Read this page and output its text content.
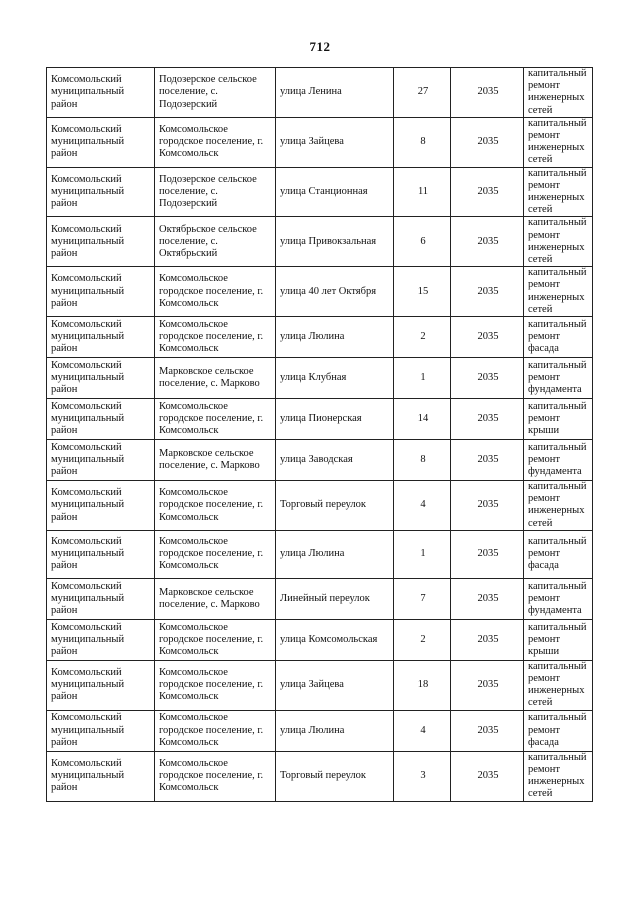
712
Комсомольский муниципальный район	Подозерское сельское поселение, с. Подозерский	улица Ленина	27	2035	капитальный ремонт инженерных сетей
Комсомольский муниципальный район	Комсомольское городское поселение, г. Комсомольск	улица Зайцева	8	2035	капитальный ремонт инженерных сетей
Комсомольский муниципальный район	Подозерское сельское поселение, с. Подозерский	улица Станционная	11	2035	капитальный ремонт инженерных сетей
Комсомольский муниципальный район	Октябрьское сельское поселение, с. Октябрьский	улица Привокзальная	6	2035	капитальный ремонт инженерных сетей
Комсомольский муниципальный район	Комсомольское городское поселение, г. Комсомольск	улица 40 лет Октября	15	2035	капитальный ремонт инженерных сетей
Комсомольский муниципальный район	Комсомольское городское поселение, г. Комсомольск	улица Люлина	2	2035	капитальный ремонт фасада
Комсомольский муниципальный район	Марковское сельское поселение, с. Марково	улица Клубная	1	2035	капитальный ремонт фундамента
Комсомольский муниципальный район	Комсомольское городское поселение, г. Комсомольск	улица Пионерская	14	2035	капитальный ремонт крыши
Комсомольский муниципальный район	Марковское сельское поселение, с. Марково	улица Заводская	8	2035	капитальный ремонт фундамента
Комсомольский муниципальный район	Комсомольское городское поселение, г. Комсомольск	Торговый переулок	4	2035	капитальный ремонт инженерных сетей
Комсомольский муниципальный район	Комсомольское городское поселение, г. Комсомольск	улица Люлина	1	2035	капитальный ремонт фасада
Комсомольский муниципальный район	Марковское сельское поселение, с. Марково	Линейный переулок	7	2035	капитальный ремонт фундамента
Комсомольский муниципальный район	Комсомольское городское поселение, г. Комсомольск	улица Комсомольская	2	2035	капитальный ремонт крыши
Комсомольский муниципальный район	Комсомольское городское поселение, г. Комсомольск	улица Зайцева	18	2035	капитальный ремонт инженерных сетей
Комсомольский муниципальный район	Комсомольское городское поселение, г. Комсомольск	улица Люлина	4	2035	капитальный ремонт фасада
Комсомольский муниципальный район	Комсомольское городское поселение, г. Комсомольск	Торговый переулок	3	2035	капитальный ремонт инженерных сетей
